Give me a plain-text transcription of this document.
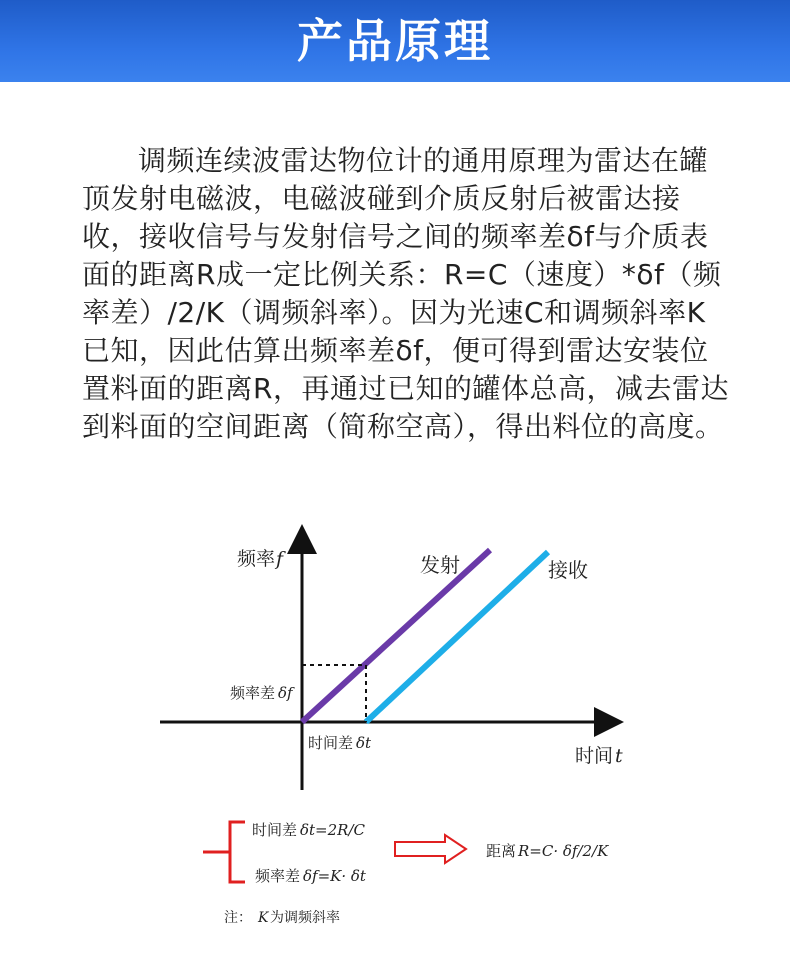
产品原理
调频连续波雷达物位计的通用原理为雷达在罐顶发射电磁波，电磁波碰到介质反射后被雷达接收，接收信号与发射信号之间的频率差δf与介质表面的距离R成一定比例关系：R=C（速度）*δf（频率差）/2/K（调频斜率）。因为光速C和调频斜率K已知，因此估算出频率差δf，便可得到雷达安装位置料面的距离R，再通过已知的罐体总高，减去雷达到料面的空间距离（简称空高），得出料位的高度。
频率 f
时间 t
发射	接收
频率差 δf
时间差 δt
时间差 δt=2R/C
频率差 δf=K· δt
距离 R=C· δf/2/K
注： K 为调频斜率
